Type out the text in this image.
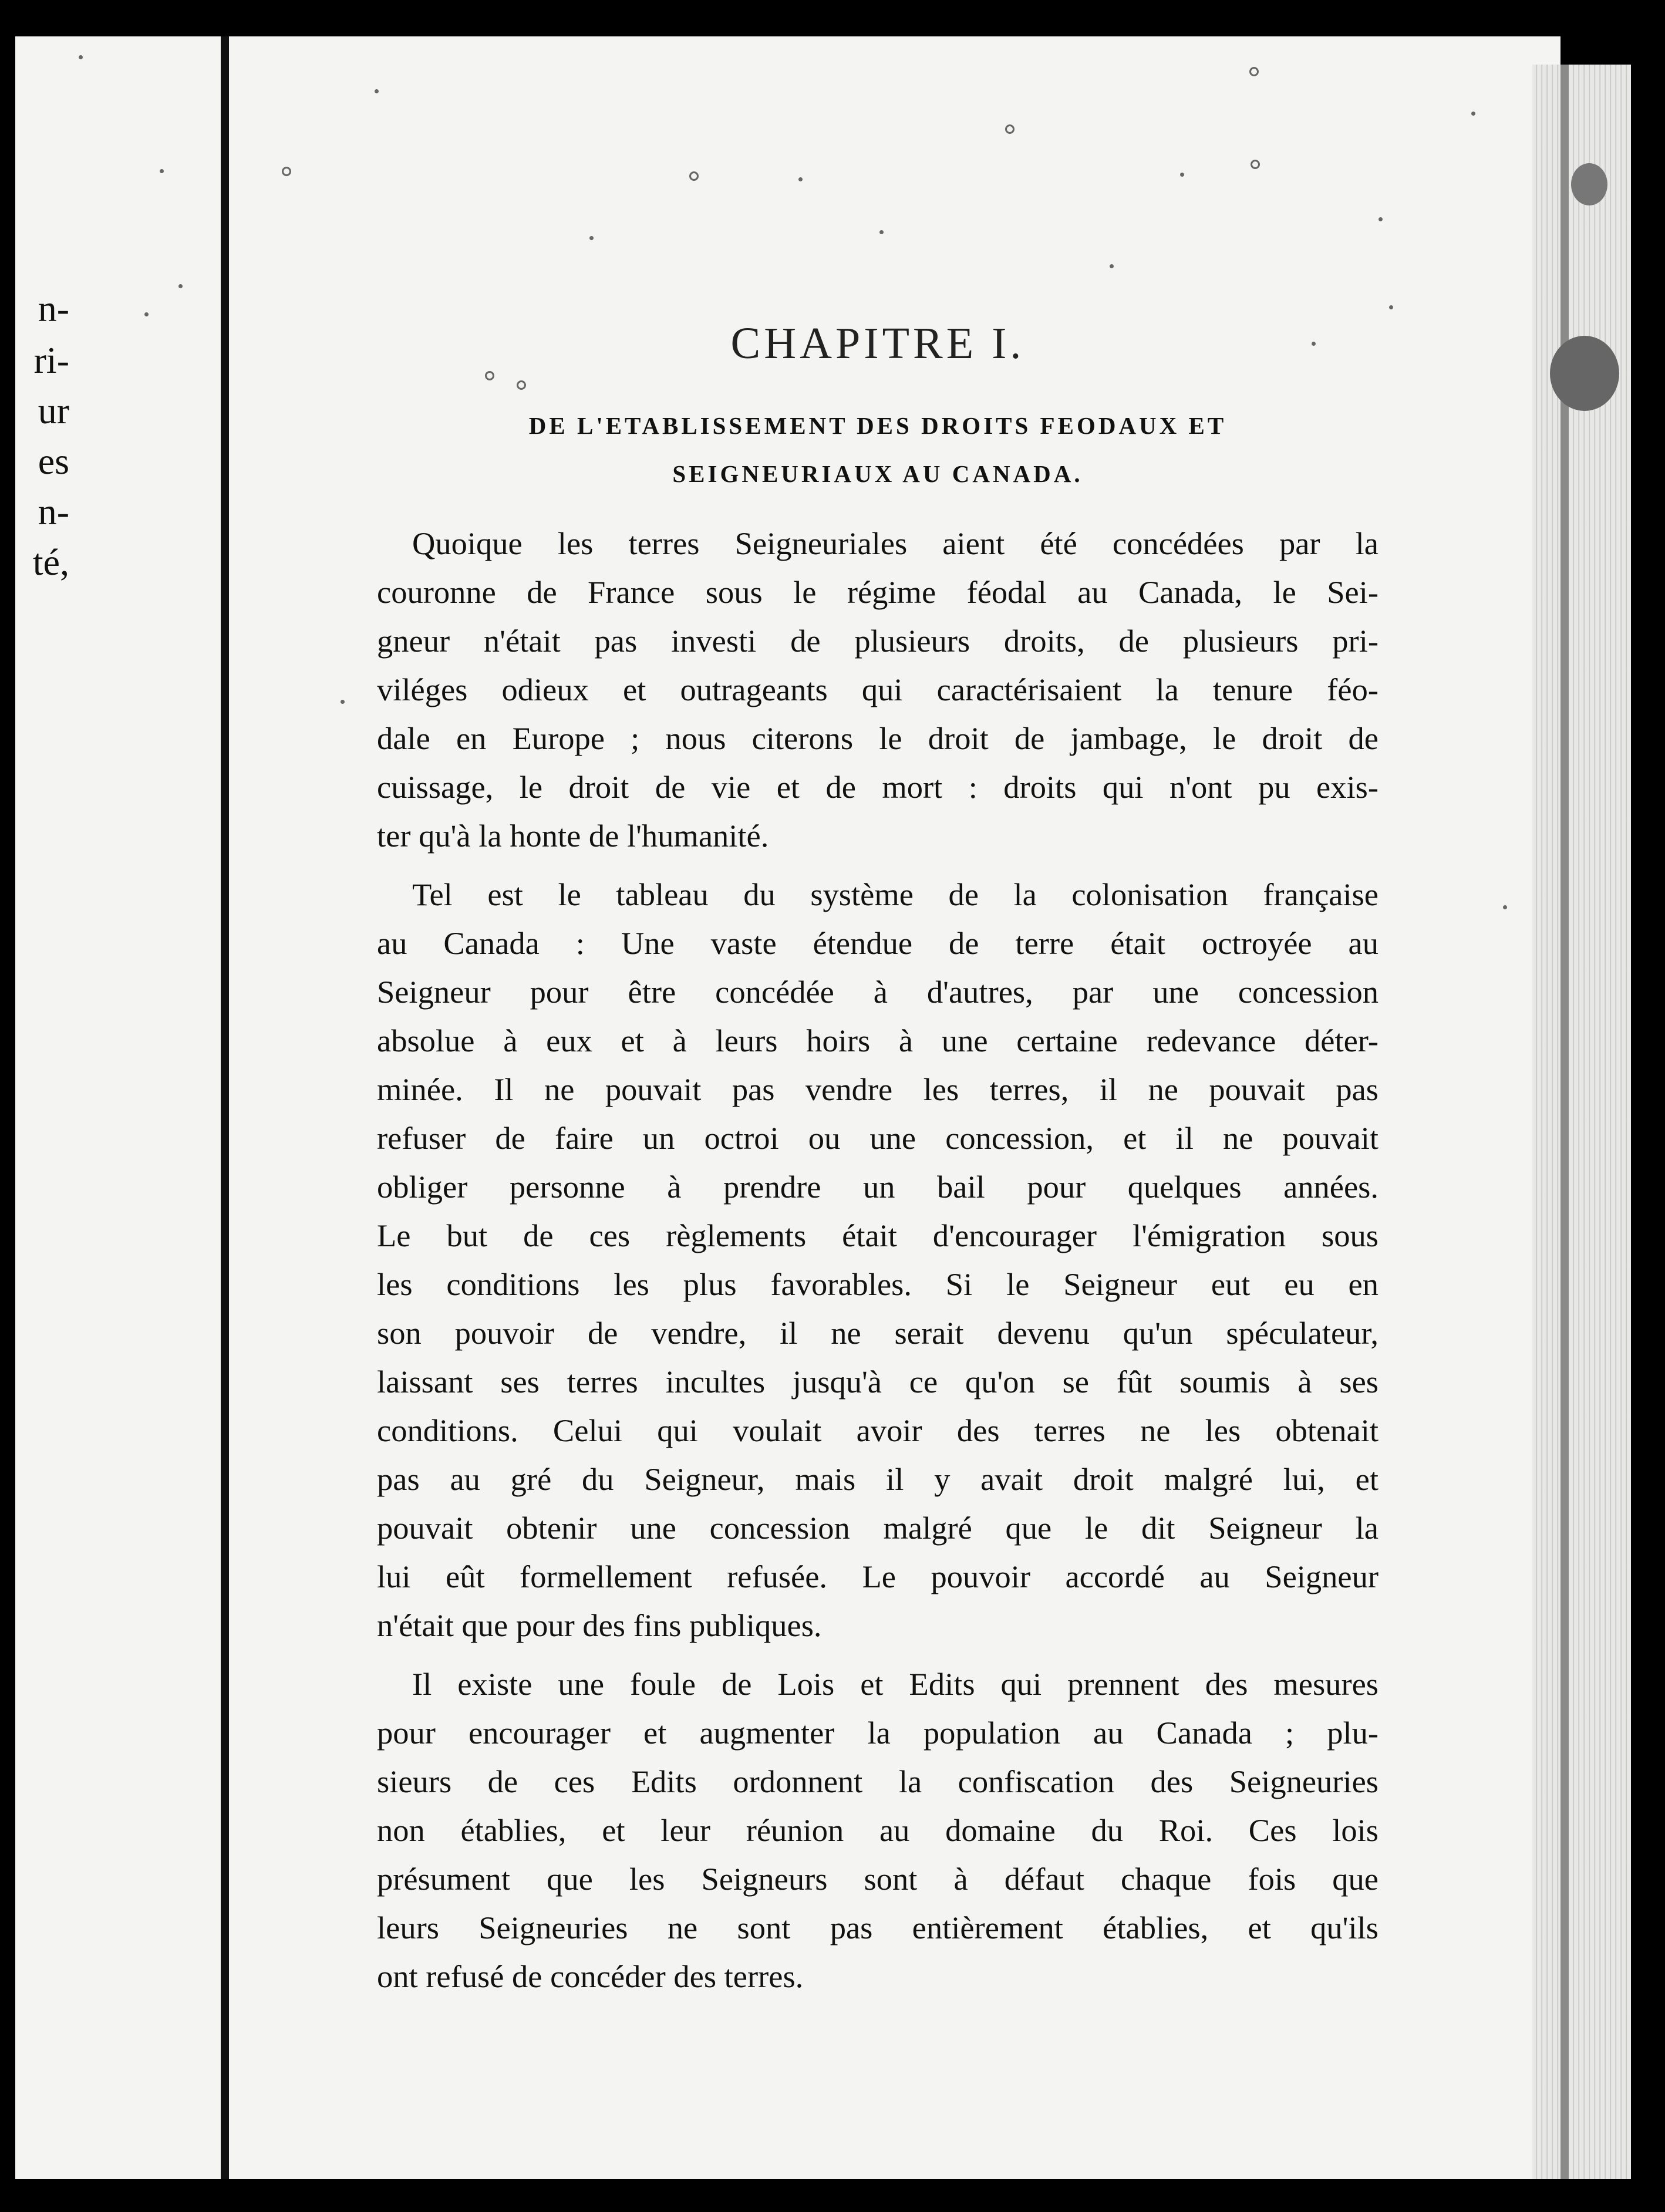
n-
ri-
ur
es
n-
té,
CHAPITRE I.
DE L'ETABLISSEMENT DES DROITS FEODAUX ET
SEIGNEURIAUX AU CANADA.
Quoique les terres Seigneuriales aient été concédées par la
couronne de France sous le régime féodal au Canada, le Sei-
gneur n'était pas investi de plusieurs droits, de plusieurs pri-
viléges odieux et outrageants qui caractérisaient la tenure féo-
dale en Europe ; nous citerons le droit de jambage, le droit de
cuissage, le droit de vie et de mort : droits qui n'ont pu exis-
ter qu'à la honte de l'humanité.
Tel est le tableau du système de la colonisation française
au Canada : Une vaste étendue de terre était octroyée au
Seigneur pour être concédée à d'autres, par une concession
absolue à eux et à leurs hoirs à une certaine redevance déter-
minée. Il ne pouvait pas vendre les terres, il ne pouvait pas
refuser de faire un octroi ou une concession, et il ne pouvait
obliger personne à prendre un bail pour quelques années.
Le but de ces règlements était d'encourager l'émigration sous
les conditions les plus favorables. Si le Seigneur eut eu en
son pouvoir de vendre, il ne serait devenu qu'un spéculateur,
laissant ses terres incultes jusqu'à ce qu'on se fût soumis à ses
conditions. Celui qui voulait avoir des terres ne les obtenait
pas au gré du Seigneur, mais il y avait droit malgré lui, et
pouvait obtenir une concession malgré que le dit Seigneur la
lui eût formellement refusée. Le pouvoir accordé au Seigneur
n'était que pour des fins publiques.
Il existe une foule de Lois et Edits qui prennent des mesures
pour encourager et augmenter la population au Canada ; plu-
sieurs de ces Edits ordonnent la confiscation des Seigneuries
non établies, et leur réunion au domaine du Roi. Ces lois
présument que les Seigneurs sont à défaut chaque fois que
leurs Seigneuries ne sont pas entièrement établies, et qu'ils
ont refusé de concéder des terres.
